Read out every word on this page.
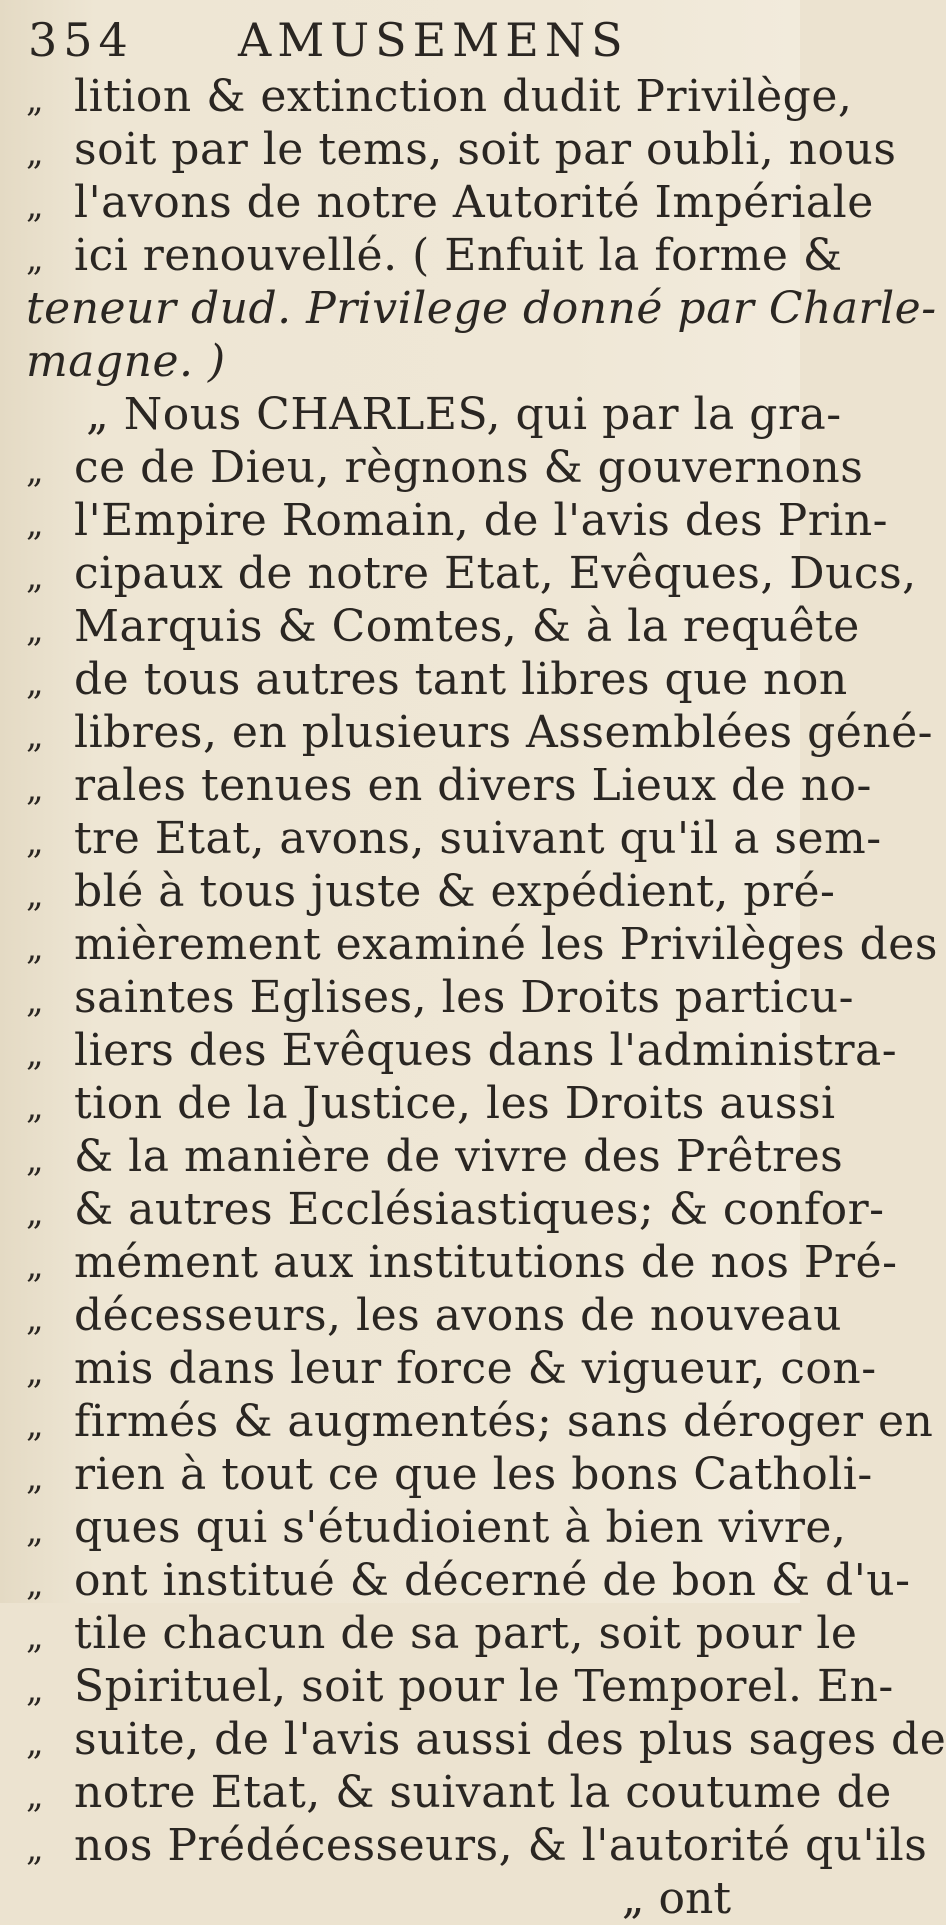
354 AMUSEMENS
„ lition & extinction dudit Privilège,
„ soit par le tems, soit par oubli, nous
„ l'avons de notre Autorité Impériale
„ ici renouvellé. ( Enfuit la forme &
teneur dud. Privilege donné par Charle-
magne. )
„ Nous CHARLES, qui par la gra-
„ ce de Dieu, règnons & gouvernons
„ l'Empire Romain, de l'avis des Prin-
„ cipaux de notre Etat, Evêques, Ducs,
„ Marquis & Comtes, & à la requête
„ de tous autres tant libres que non
„ libres, en plusieurs Assemblées géné-
„ rales tenues en divers Lieux de no-
„ tre Etat, avons, suivant qu'il a sem-
„ blé à tous juste & expédient, pré-
„ mièrement examiné les Privilèges des
„ saintes Eglises, les Droits particu-
„ liers des Evêques dans l'administra-
„ tion de la Justice, les Droits aussi
„ & la manière de vivre des Prêtres
„ & autres Ecclésiastiques; & confor-
„ mément aux institutions de nos Pré-
„ décesseurs, les avons de nouveau
„ mis dans leur force & vigueur, con-
„ firmés & augmentés; sans déroger en
„ rien à tout ce que les bons Catholi-
„ ques qui s'étudioient à bien vivre,
„ ont institué & décerné de bon & d'u-
„ tile chacun de sa part, soit pour le
„ Spirituel, soit pour le Temporel. En-
„ suite, de l'avis aussi des plus sages de
„ notre Etat, & suivant la coutume de
„ nos Prédécesseurs, & l'autorité qu'ils
„ ont
